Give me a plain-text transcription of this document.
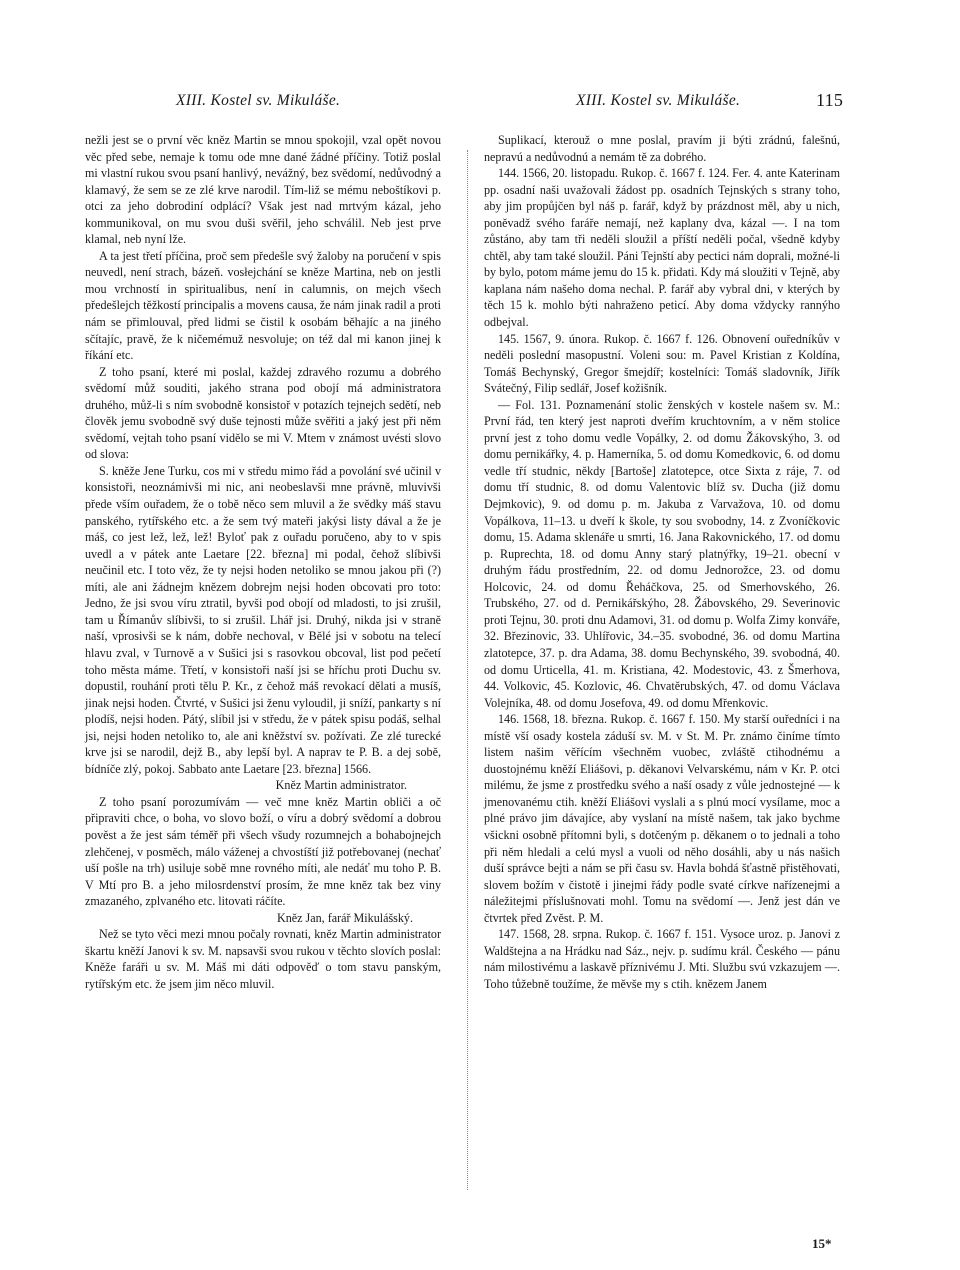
XIII. Kostel sv. Mikuláše.	XIII. Kostel sv. Mikuláše.	115

nežli jest se o první věc kněz Martin se mnou spokojil, vzal opět novou věc před sebe, nemaje k tomu ode mne dané žádné příčiny. Totiž poslal mi vlastní rukou svou psaní hanlivý, nevážný, bez svědomí, nedůvodný a klamavý, že sem se ze zlé krve narodil. Tím-liž se mému neboštíkovi p. otci za jeho dobrodiní odplácí? Však jest nad mrtvým kázal, jeho kommunikoval, on mu svou duši svěřil, jeho schválil. Neb jest prve klamal, neb nyní lže.

A ta jest třetí příčina, proč sem předešle svý žaloby na poručení v spis neuvedl, není strach, bázeň. vosłejchání se kněze Martina, neb on jestli mou vrchností in spiritualibus, není in calumnis, on mejch všech předešlejch těžkostí principalis a movens causa, že nám jinak radil a proti nám se přimlouval, před lidmi se čistil k osobám běhajíc a na jiného sčítajíc, pravě, že k ničemémuž nesvoluje; on též dal mi kanon jinej k říkání etc.

Z toho psaní, které mi poslal, každej zdravého rozumu a dobrého svědomí můž souditi, jakého strana pod obojí má administratora druhého, můž-li s ním svobodně konsistoř v potazích tejnejch sedětí, neb člověk jemu svobodně svý duše tejnosti může svěřiti a jaký jest při něm svědomí, vejtah toho psaní vidělo se mi V. Mtem v známost uvésti slovo od slova:

S. kněže Jene Turku, cos mi v středu mimo řád a povolání své učinil v konsistoři, neoznámivši mi nic, ani neobeslavši mne právně, mluvivši přede vším ouřadem, že o tobě něco sem mluvil a že svědky máš stavu panského, rytířského etc. a že sem tvý mateři jakýsi listy dával a že je máš, co jest lež, lež, lež! Byloť pak z ouřadu poručeno, aby to v spis uvedl a v pátek ante Laetare [22. března] mi podal, čehož slíbivši neučinil etc. I toto věz, že ty nejsi hoden netoliko se mnou jakou při (?) míti, ale ani žádnejm knězem dobrejm nejsi hoden obcovati pro toto: Jedno, že jsi svou víru ztratil, byvši pod obojí od mladosti, to jsi zrušil, tam u Římanův slíbivši, to si zrušil. Lhář jsi. Druhý, nikda jsi v straně naší, vprosivši se k nám, dobře nechoval, v Bělé jsi v sobotu na telecí hlavu zval, v Turnově a v Sušici jsi s rasovkou obcoval, list pod pečetí toho města máme. Třetí, v konsistoři naší jsi se hříchu proti Duchu sv. dopustil, rouhání proti tělu P. Kr., z čehož máš revokací dělati a musíš, jinak nejsi hoden. Čtvrté, v Sušici jsi ženu vyloudil, ji sníží, pankarty s ní plodíš, nejsi hoden. Pátý, slíbil jsi v středu, že v pátek spisu podáš, selhal jsi, nejsi hoden netoliko to, ale ani kněžství sv. požívati. Ze zlé turecké krve jsi se narodil, dejž B., aby lepší byl. A naprav te P. B. a dej sobě, bídníče zlý, pokoj. Sabbato ante Laetare [23. března] 1566.

Kněz Martin administrator.

Z toho psaní porozumívám — več mne kněz Martin obliči a oč připraviti chce, o boha, vo slovo boží, o víru a dobrý svědomí a dobrou pověst a že jest sám téměř při všech všudy rozumnejch a bohabojnejch zlehčenej, v posměch, málo váženej a chvostíští již potřebovanej (nechať uší pošle na trh) usiluje sobě mne rovného míti, ale nedáť mu toho P. B. V Mtí pro B. a jeho milosrdenství prosím, že mne kněz tak bez viny zmazaného, zplvaného etc. litovati ráčíte.

Kněz Jan, farář Mikulášský.

Než se tyto věci mezi mnou počaly rovnati, kněz Martin administrator škartu kněží Janovi k sv. M. napsavši svou rukou v těchto slovích poslal: Kněže faráři u sv. M. Máš mi dáti odpověď o tom stavu panským, rytířským etc. že jsem jim něco mluvil.

Suplikací, kterouž o mne poslal, pravím ji býti zrádnú, falešnú, nepravú a nedůvodnú a nemám tě za dobrého.

144. 1566, 20. listopadu. Rukop. č. 1667 f. 124. Fer. 4. ante Katerinam pp. osadní naši uvažovali žádost pp. osadních Tejnských s strany toho, aby jim propůjčen byl náš p. farář, když by prázdnost měl, aby u nich, poněvadž svého faráře nemají, než kaplany dva, kázal —. I na tom zůstáno, aby tam tři neděli sloužil a příští neděli počal, všedně kdyby chtěl, aby tam také sloužil. Páni Tejnští aby pectici nám doprali, možné-li by bylo, potom máme jemu do 15 k. přidati. Kdy má sloužiti v Tejně, aby kaplana nám našeho doma nechal. P. farář aby vybral dni, v kterých by těch 15 k. mohlo býti nahraženo peticí. Aby doma vždycky rannýho odbejval.

145. 1567, 9. února. Rukop. č. 1667 f. 126. Obnovení ouředníkův v neděli poslední masopustní. Voleni sou: m. Pavel Kristian z Koldína, Tomáš Bechynský, Gregor šmejdíř; kostelníci: Tomáš sladovník, Jiřík Svátečný, Filip sedlář, Josef kožišník.

— Fol. 131. Poznamenání stolic ženských v kostele našem sv. M.: První řád, ten který jest naproti dveřím kruchtovním, a v něm stolice první jest z toho domu vedle Vopálky, 2. od domu Žákovskýho, 3. od domu pernikářky, 4. p. Hamerníka, 5. od domu Komedkovic, 6. od domu vedle tří studnic, někdy [Bartoše] zlatotepce, otce Sixta z ráje, 7. od domu tří studnic, 8. od domu Valentovic blíž sv. Ducha (již domu Dejmkovic), 9. od domu p. m. Jakuba z Varvažova, 10. od domu Vopálkova, 11–13. u dveří k škole, ty sou svobodny, 14. z Zvoníčkovic domu, 15. Adama sklenáře u smrti, 16. Jana Rakovnického, 17. od domu p. Ruprechta, 18. od domu Anny starý platnýřky, 19–21. obecní v druhým řádu prostředním, 22. od domu Jednorožce, 23. od domu Holcovic, 24. od domu Řeháčkova, 25. od Smerhovského, 26. Trubského, 27. od d. Pernikářskýho, 28. Žábovského, 29. Severinovic proti Tejnu, 30. proti dnu Adamovi, 31. od domu p. Wolfa Zimy konváře, 32. Březinovic, 33. Uhlířovic, 34.–35. svobodné, 36. od domu Martina zlatotepce, 37. p. dra Adama, 38. domu Bechynského, 39. svobodná, 40. od domu Urticella, 41. m. Kristiana, 42. Modestovic, 43. z Šmerhova, 44. Volkovic, 45. Kozlovic, 46. Chvatěrubských, 47. od domu Václava Volejníka, 48. od domu Josefova, 49. od domu Mřenkovic.

146. 1568, 18. března. Rukop. č. 1667 f. 150. My starší ouředníci i na místě vší osady kostela záduší sv. M. v St. M. Pr. známo činíme tímto listem našim věřícím všechněm vuobec, zvláště ctihodnému a duostojnému kněží Eliášovi, p. děkanovi Velvarskému, nám v Kr. P. otci milému, že jsme z prostředku svého a naší osady z vůle jednostejné — k jmenovanému ctih. kněží Eliášovi vyslali a s plnú mocí vysílame, moc a plné právo jim dávajíce, aby vyslaní na místě našem, tak jako bychme všickni osobně přítomni byli, s dotčeným p. děkanem o to jednali a toho při něm hledali a celú mysl a vuoli od něho dosáhli, aby u nás našich duší správce bejti a nám se při času sv. Havla bohdá šťastně přistěhovati, slovem božím v čistotě i jinejmi řády podle svaté církve nařízenejmi a náležitejmi příslušnovati mohl. Tomu na svědomí —. Jenž jest dán ve čtvrtek před Zvěst. P. M.

147. 1568, 28. srpna. Rukop. č. 1667 f. 151. Vysoce uroz. p. Janovi z Waldštejna a na Hrádku nad Sáz., nejv. p. sudímu král. Českého — pánu nám milostivému a laskavě příznivému J. Mti. Službu svú vzkazujem —. Toho tůžebně toužíme, že měvše my s ctih. knězem Janem

15*
